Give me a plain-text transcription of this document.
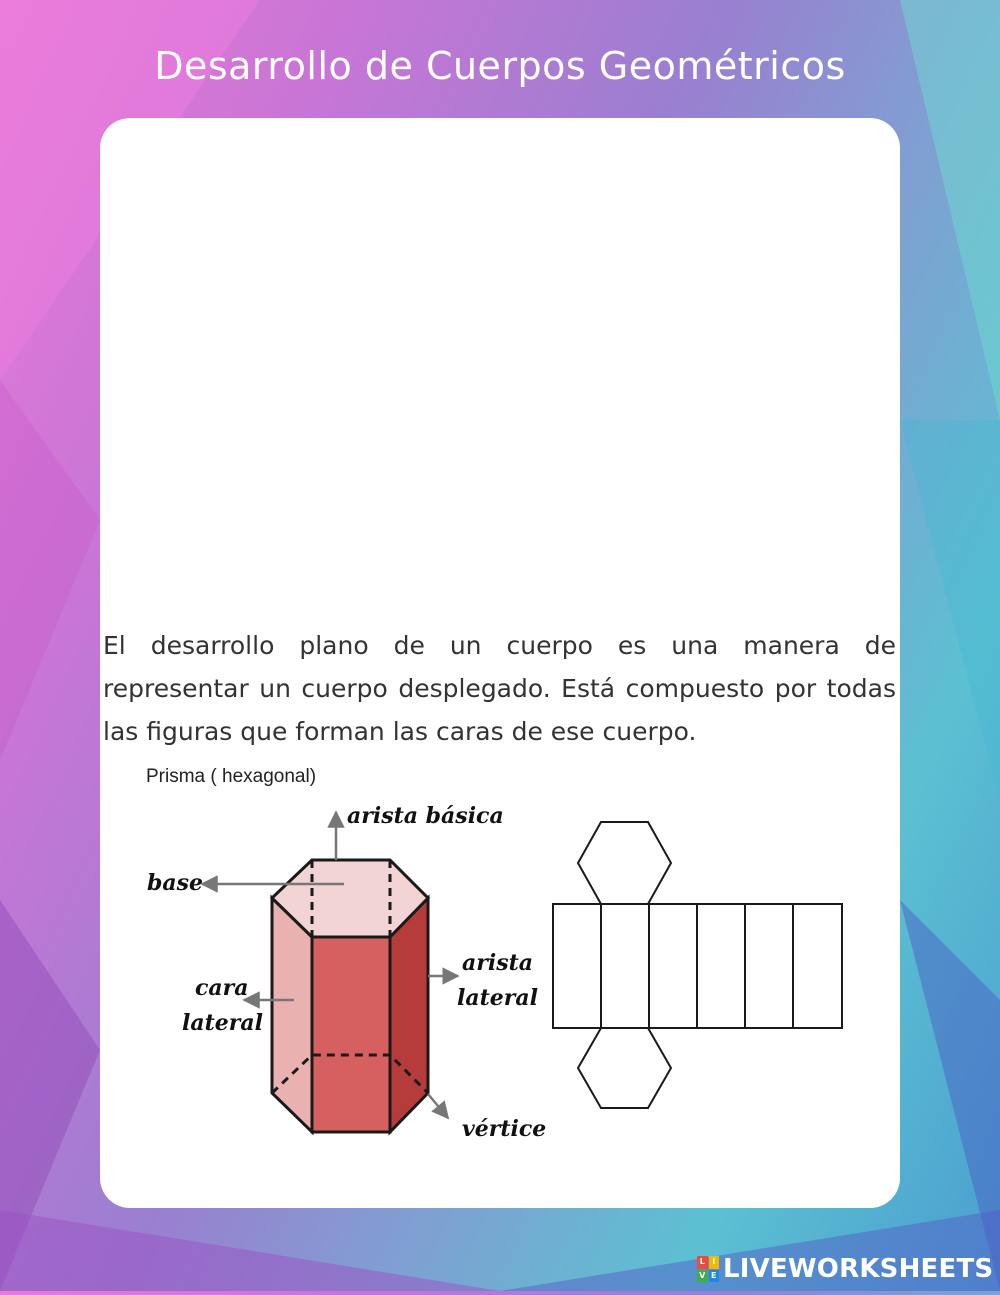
Desarrollo de Cuerpos Geométricos

El desarrollo plano de un cuerpo es una manera de representar un cuerpo desplegado. Está compuesto por todas las figuras que forman las caras de ese cuerpo.

Prisma ( hexagonal)
arista básica
base
cara
lateral
arista
lateral
vértice
L I
V E LIVEWORKSHEETS
